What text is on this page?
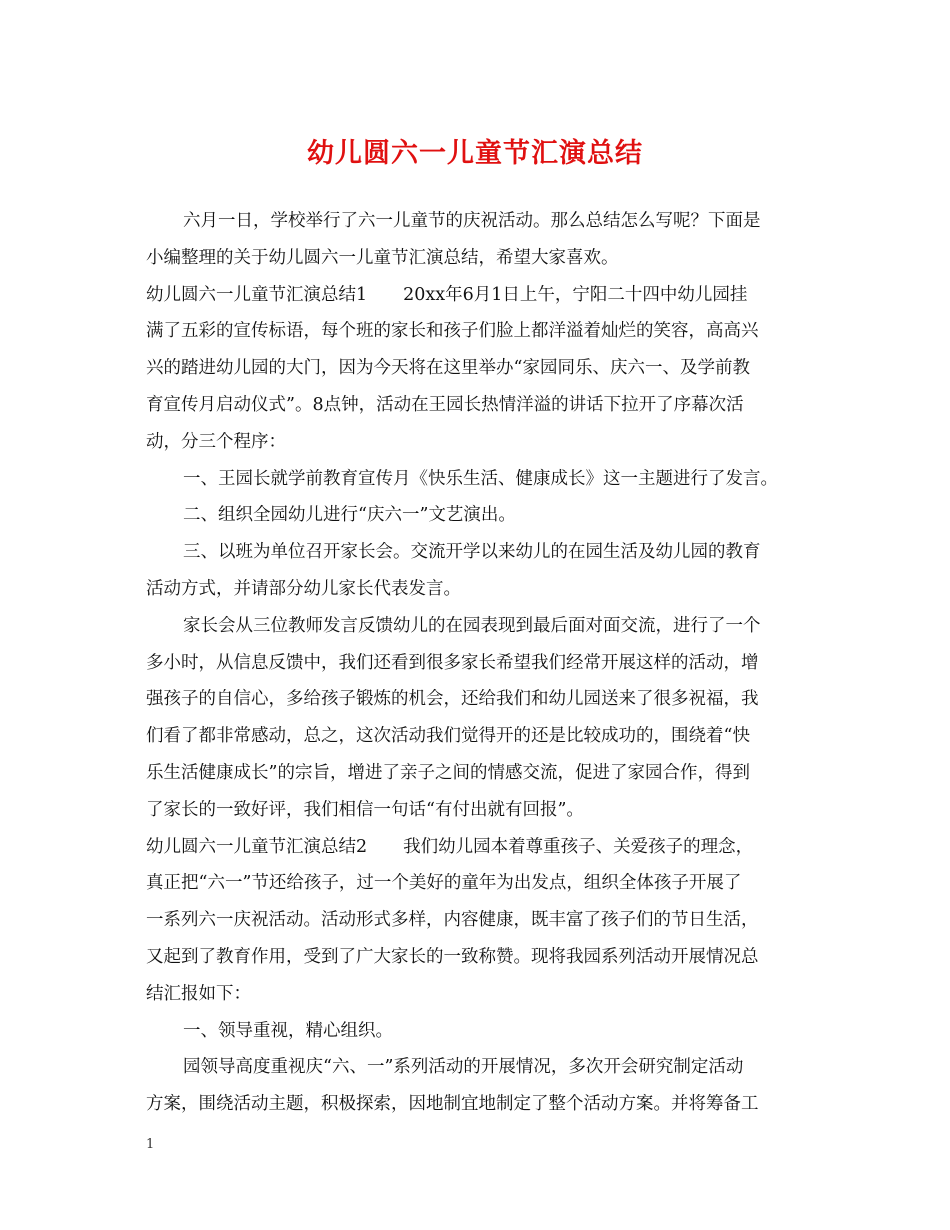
幼儿圆六一儿童节汇演总结
六月一日，学校举行了六一儿童节的庆祝活动。那么总结怎么写呢？下面是
小编整理的关于幼儿圆六一儿童节汇演总结，希望大家喜欢。
幼儿圆六一儿童节汇演总结1 20xx年6月1日上午，宁阳二十四中幼儿园挂
满了五彩的宣传标语，每个班的家长和孩子们脸上都洋溢着灿烂的笑容，高高兴
兴的踏进幼儿园的大门，因为今天将在这里举办“家园同乐、庆六一、及学前教
育宣传月启动仪式”。8点钟，活动在王园长热情洋溢的讲话下拉开了序幕次活
动，分三个程序：
一、王园长就学前教育宣传月《快乐生活、健康成长》这一主题进行了发言。
二、组织全园幼儿进行“庆六一”文艺演出。
三、以班为单位召开家长会。交流开学以来幼儿的在园生活及幼儿园的教育
活动方式，并请部分幼儿家长代表发言。
家长会从三位教师发言反馈幼儿的在园表现到最后面对面交流，进行了一个
多小时，从信息反馈中，我们还看到很多家长希望我们经常开展这样的活动，增
强孩子的自信心，多给孩子锻炼的机会，还给我们和幼儿园送来了很多祝福，我
们看了都非常感动，总之，这次活动我们觉得开的还是比较成功的，围绕着“快
乐生活健康成长”的宗旨，增进了亲子之间的情感交流，促进了家园合作，得到
了家长的一致好评，我们相信一句话“有付出就有回报”。
幼儿圆六一儿童节汇演总结2 我们幼儿园本着尊重孩子、关爱孩子的理念，
真正把“六一”节还给孩子，过一个美好的童年为出发点，组织全体孩子开展了
一系列六一庆祝活动。活动形式多样，内容健康，既丰富了孩子们的节日生活，
又起到了教育作用，受到了广大家长的一致称赞。现将我园系列活动开展情况总
结汇报如下：
一、领导重视，精心组织。
园领导高度重视庆“六、一”系列活动的开展情况，多次开会研究制定活动
方案，围绕活动主题，积极探索，因地制宜地制定了整个活动方案。并将筹备工

1
